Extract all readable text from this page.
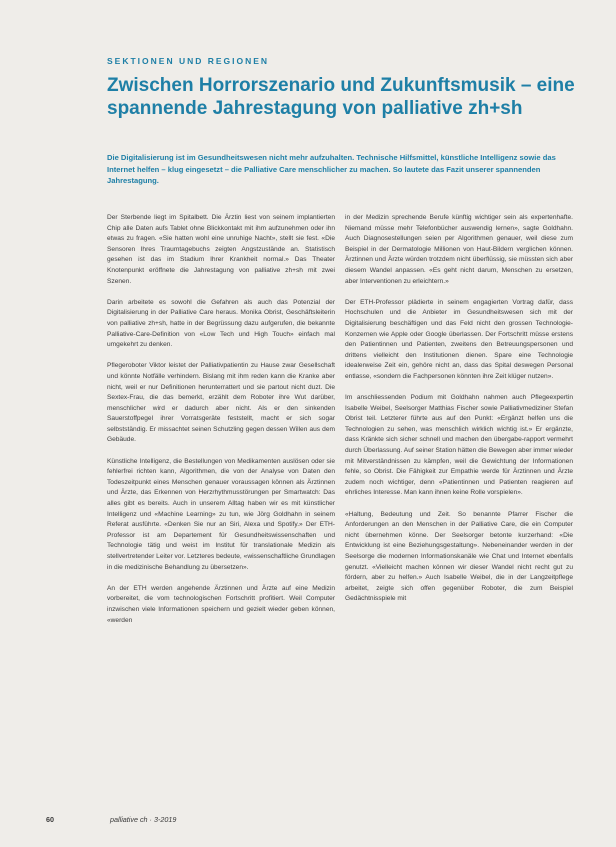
SEKTIONEN UND REGIONEN
Zwischen Horrorszenario und Zukunftsmusik – eine spannende Jahrestagung von palliative zh+sh

Die Digitalisierung ist im Gesundheitswesen nicht mehr aufzuhalten. Technische Hilfsmittel, künstliche Intelligenz sowie das Internet helfen – klug eingesetzt – die Palliative Care menschlicher zu machen. So lautete das Fazit unserer spannenden Jahrestagung.

Der Sterbende liegt im Spitalbett. Die Ärztin liest von seinem implantierten Chip alle Daten aufs Tablet ohne Blickkontakt mit ihm aufzunehmen oder ihn etwas zu fragen. «Sie hatten wohl eine unruhige Nacht», stellt sie fest. «Die Sensoren Ihres Traumtagebuchs zeigten Angstzustände an. Statistisch gesehen ist das im Stadium Ihrer Krankheit normal.» Das Theater Knotenpunkt eröffnete die Jahrestagung von palliative zh+sh mit zwei Szenen.

Darin arbeitete es sowohl die Gefahren als auch das Potenzial der Digitalisierung in der Palliative Care heraus. Monika Obrist, Geschäftsleiterin von palliative zh+sh, hatte in der Begrüssung dazu aufgerufen, die bekannte Palliative-Care-Definition von «Low Tech und High Touch» einfach mal umgekehrt zu denken.

Pflegeroboter Viktor leistet der Palliativpatientin zu Hause zwar Gesellschaft und könnte Notfälle verhindern. Bislang mit ihm reden kann die Kranke aber nicht, weil er nur Definitionen herunterrattert und sie partout nicht duzt. Die Sextex-Frau, die das bemerkt, erzählt dem Roboter ihre Wut darüber, menschlicher wird er dadurch aber nicht. Als er den sinkenden Sauerstoffpegel ihrer Vorratsgeräte feststellt, macht er sich sogar selbstständig. Er missachtet seinen Schutzling gegen dessen Willen aus dem Gebäude.

Künstliche Intelligenz, die Bestellungen von Medikamenten auslösen oder sie fehlerfrei richten kann, Algorithmen, die von der Analyse von Daten den Todeszeitpunkt eines Menschen genauer voraussagen können als Ärztinnen und Ärzte, das Erkennen von Herzrhythmusstörungen per Smartwatch: Das alles gibt es bereits. Auch in unserem Alltag haben wir es mit künstlicher Intelligenz und «Machine Learning» zu tun, wie Jörg Goldhahn in seinem Referat ausführte. «Denken Sie nur an Siri, Alexa und Spotify.» Der ETH-Professor ist am Departement für Gesundheitswissenschaften und Technologie tätig und weist im Institut für translationale Medizin als stellvertretender Leiter vor. Letzteres bedeute, «wissenschaftliche Grundlagen in die medizinische Behandlung zu übersetzen».

An der ETH werden angehende Ärztinnen und Ärzte auf eine Medizin vorbereitet, die vom technologischen Fortschritt profitiert. Weil Computer inzwischen viele Informationen speichern und gezielt wieder geben können, «werden

in der Medizin sprechende Berufe künftig wichtiger sein als expertenhafte. Niemand müsse mehr Telefonbücher auswendig lernen», sagte Goldhahn. Auch Diagnosestellungen seien per Algorithmen genauer, weil diese zum Beispiel in der Dermatologie Millionen von Haut-Bildern verglichen können. Ärztinnen und Ärzte würden trotzdem nicht überflüssig, sie müssten sich aber diesem Wandel anpassen. «Es geht nicht darum, Menschen zu ersetzen, aber Interventionen zu erleichtern.»

Der ETH-Professor plädierte in seinem engagierten Vortrag dafür, dass Hochschulen und die Anbieter im Gesundheitswesen sich mit der Digitalisierung beschäftigen und das Feld nicht den grossen Technologie-Konzernen wie Apple oder Google überlassen. Der Fortschritt müsse erstens den Patientinnen und Patienten, zweitens den Betreuungspersonen und drittens vielleicht den Institutionen dienen. Spare eine Technologie idealerweise Zeit ein, gehöre nicht an, dass das Spital deswegen Personal entlasse, «sondern die Fachpersonen könnten ihre Zeit klüger nutzen».

Im anschliessenden Podium mit Goldhahn nahmen auch Pflegeexpertin Isabelle Weibel, Seelsorger Matthias Fischer sowie Palliativmediziner Stefan Obrist teil. Letzterer führte aus auf den Punkt: «Ergänzt helfen uns die Technologien zu sehen, was menschlich wirklich wichtig ist.» Er ergänzte, dass Kränkte sich sicher schnell und machen den übergabe-rapport vermehrt durch Überlassung. Auf seiner Station hätten die Bewegen aber immer wieder mit Mitverständnissen zu kämpfen, weil die Gewichtung der Informationen fehle, so Obrist. Die Fähigkeit zur Empathie werde für Ärztinnen und Ärzte zudem noch wichtiger, denn «Patientinnen und Patienten reagieren auf ehrliches Interesse. Man kann ihnen keine Rolle vorspielen».

«Haltung, Bedeutung und Zeit. So benannte Pfarrer Fischer die Anforderungen an den Menschen in der Palliative Care, die ein Computer nicht übernehmen könne. Der Seelsorger betonte kurzerhand: «Die Entwicklung ist eine Beziehungsgestaltung». Nebeneinander werden in der Seelsorge die modernen Informationskanäle wie Chat und Internet ebenfalls genutzt. «Vielleicht machen können wir dieser Wandel nicht recht gut zu fördern, aber zu helfen.» Auch Isabelle Weibel, die in der Langzeitpflege arbeitet, zeigte sich offen gegenüber Roboter, die zum Beispiel Gedächtnisspiele mit

60	palliative ch · 3-2019
